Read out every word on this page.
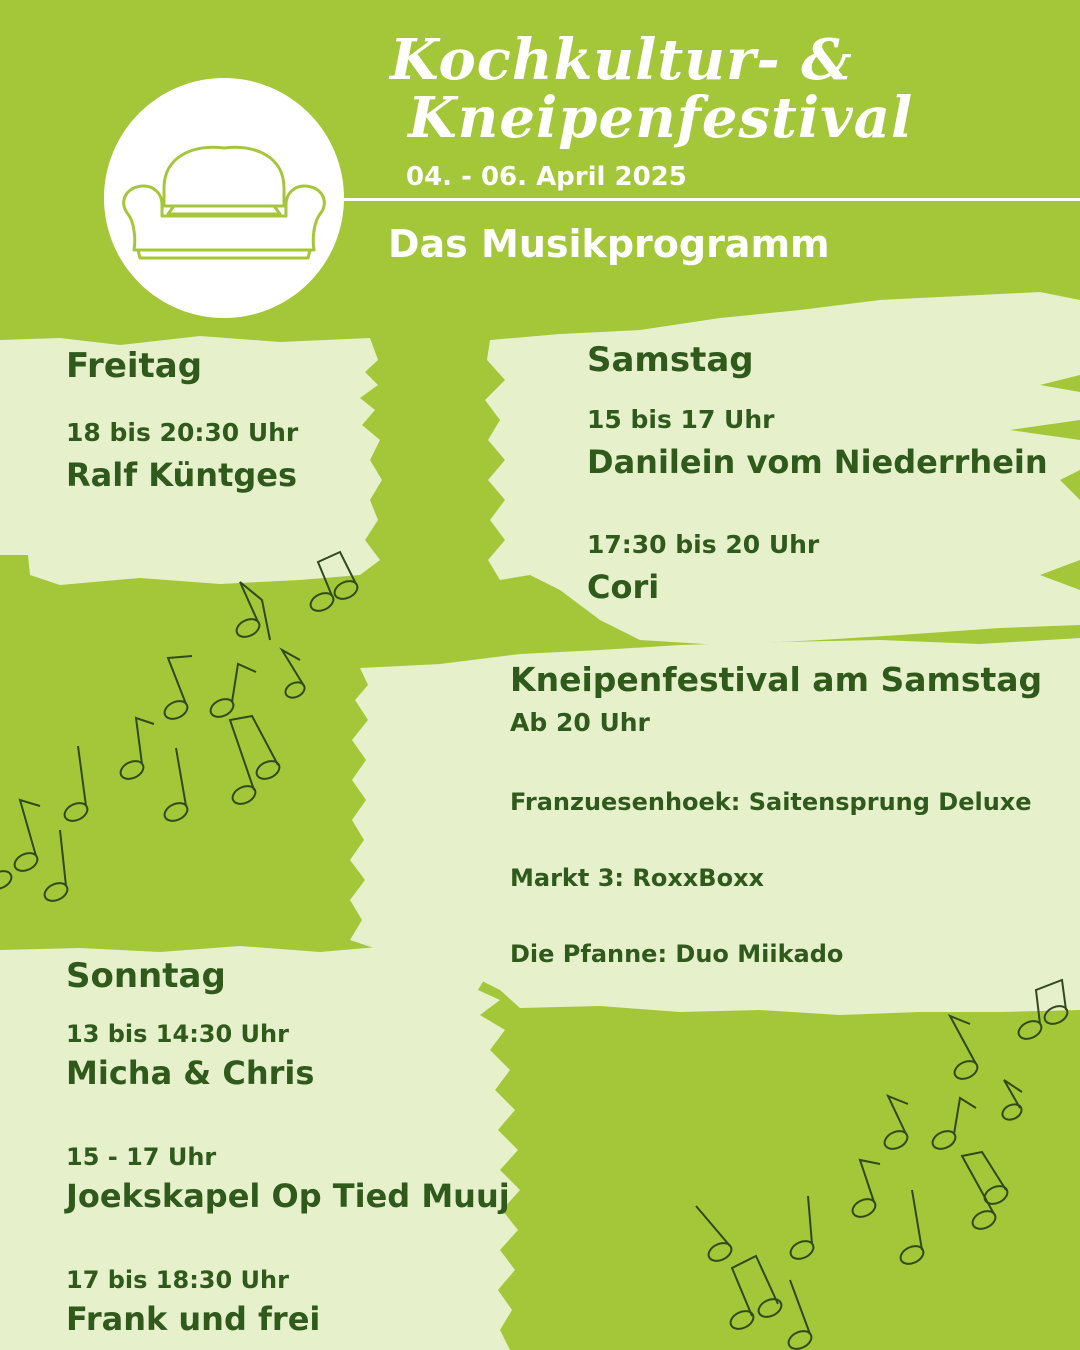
Kochkultur- &
Kneipenfestival
04. - 06. April 2025
Das Musikprogramm
Freitag
18 bis 20:30 Uhr
Ralf Küntges
Samstag
15 bis 17 Uhr
Danilein vom Niederrhein
17:30 bis 20 Uhr
Cori
Kneipenfestival am Samstag
Ab 20 Uhr
Franzuesenhoek: Saitensprung Deluxe
Markt 3: RoxxBoxx
Die Pfanne: Duo Miikado
Sonntag
13 bis 14:30 Uhr
Micha & Chris
15 - 17 Uhr
Joekskapel Op Tied Muuj
17 bis 18:30 Uhr
Frank und frei
